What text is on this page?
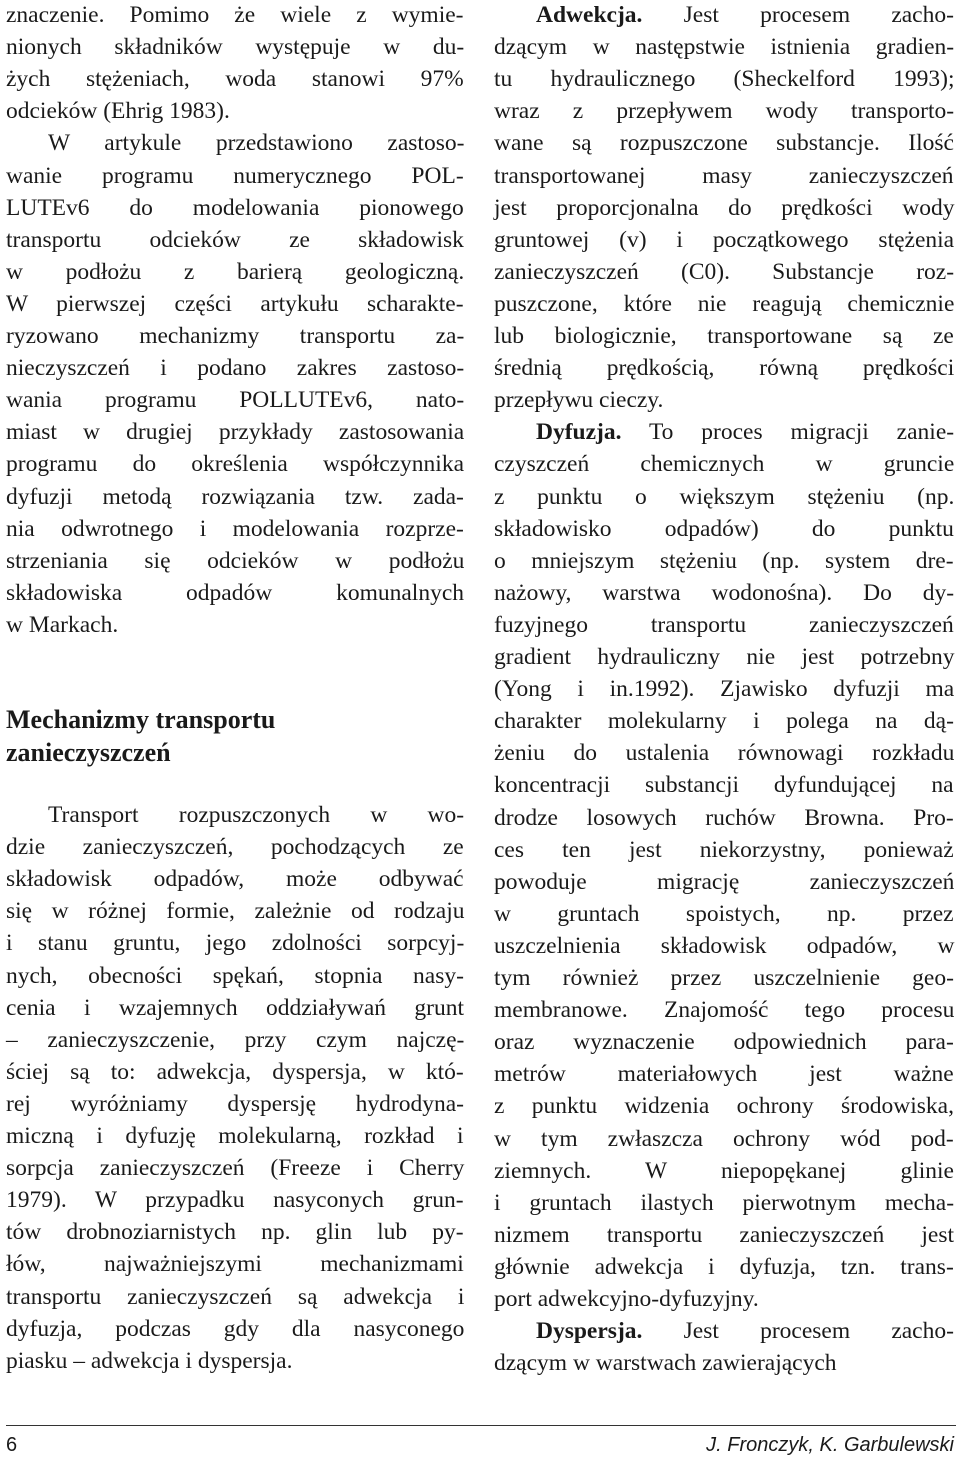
znaczenie. Pomimo że wiele z wymie-
nionych składników występuje w du-
żych stężeniach, woda stanowi 97%
odcieków (Ehrig 1983).
W artykule przedstawiono zastoso-
wanie programu numerycznego POL-
LUTEv6 do modelowania pionowego
transportu odcieków ze składowisk
w podłożu z barierą geologiczną.
W pierwszej części artykułu scharakte-
ryzowano mechanizmy transportu za-
nieczyszczeń i podano zakres zastoso-
wania programu POLLUTEv6, nato-
miast w drugiej przykłady zastosowania
programu do określenia współczynnika
dyfuzji metodą rozwiązania tzw. zada-
nia odwrotnego i modelowania rozprze-
strzeniania się odcieków w podłożu
składowiska odpadów komunalnych
w Markach.
Mechanizmy transportu
zanieczyszczeń
Transport rozpuszczonych w wo-
dzie zanieczyszczeń, pochodzących ze
składowisk odpadów, może odbywać
się w różnej formie, zależnie od rodzaju
i stanu gruntu, jego zdolności sorpcyj-
nych, obecności spękań, stopnia nasy-
cenia i wzajemnych oddziaływań grunt
– zanieczyszczenie, przy czym najczę-
ściej są to: adwekcja, dyspersja, w któ-
rej wyróżniamy dyspersję hydrodyna-
miczną i dyfuzję molekularną, rozkład i
sorpcja zanieczyszczeń (Freeze i Cherry
1979). W przypadku nasyconych grun-
tów drobnoziarnistych np. glin lub py-
łów, najważniejszymi mechanizmami
transportu zanieczyszczeń są adwekcja i
dyfuzja, podczas gdy dla nasyconego
piasku – adwekcja i dyspersja.
Adwekcja. Jest procesem zacho-
dzącym w następstwie istnienia gradien-
tu hydraulicznego (Sheckelford 1993);
wraz z przepływem wody transporto-
wane są rozpuszczone substancje. Ilość
transportowanej masy zanieczyszczeń
jest proporcjonalna do prędkości wody
gruntowej (v) i początkowego stężenia
zanieczyszczeń (C0). Substancje roz-
puszczone, które nie reagują chemicznie
lub biologicznie, transportowane są ze
średnią prędkością, równą prędkości
przepływu cieczy.
Dyfuzja. To proces migracji zanie-
czyszczeń chemicznych w gruncie
z punktu o większym stężeniu (np.
składowisko odpadów) do punktu
o mniejszym stężeniu (np. system dre-
nażowy, warstwa wodonośna). Do dy-
fuzyjnego transportu zanieczyszczeń
gradient hydrauliczny nie jest potrzebny
(Yong i in.1992). Zjawisko dyfuzji ma
charakter molekularny i polega na dą-
żeniu do ustalenia równowagi rozkładu
koncentracji substancji dyfundującej na
drodze losowych ruchów Browna. Pro-
ces ten jest niekorzystny, ponieważ
powoduje migrację zanieczyszczeń
w gruntach spoistych, np. przez
uszczelnienia składowisk odpadów, w
tym również przez uszczelnienie geo-
membranowe. Znajomość tego procesu
oraz wyznaczenie odpowiednich para-
metrów materiałowych jest ważne
z punktu widzenia ochrony środowiska,
w tym zwłaszcza ochrony wód pod-
ziemnych. W niepopękanej glinie
i gruntach ilastych pierwotnym mecha-
nizmem transportu zanieczyszczeń jest
głównie adwekcja i dyfuzja, tzn. trans-
port adwekcyjno-dyfuzyjny.
Dyspersja. Jest procesem zacho-
dzącym w warstwach zawierających
6	J. Fronczyk, K. Garbulewski
